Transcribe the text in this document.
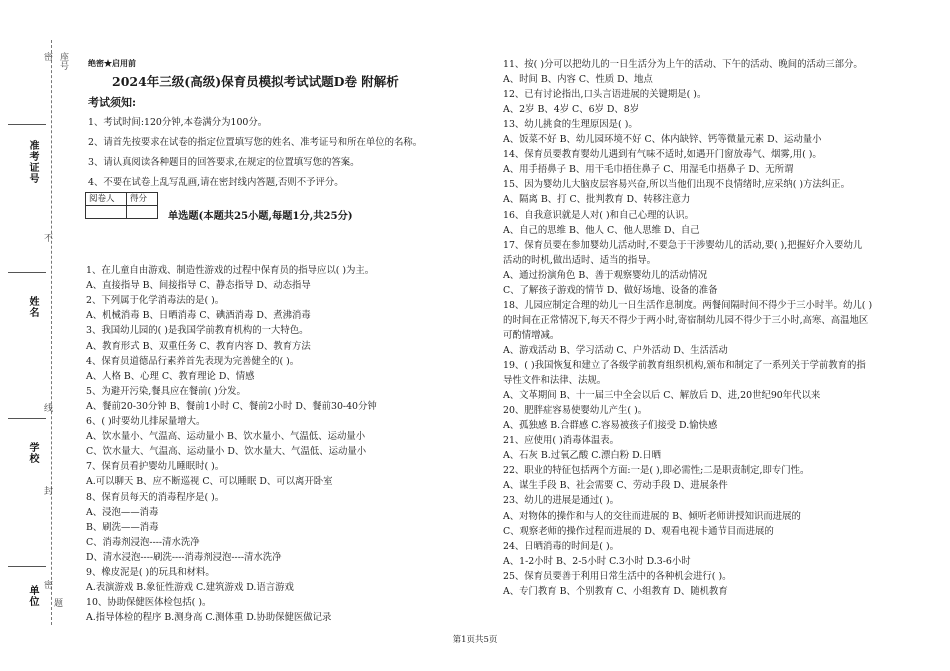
密
不
线
封
密
题
座号
准考证号
姓名
学校
单位
绝密★启用前
2024年三级(高级)保育员模拟考试试题D卷 附解析
考试须知:
1、考试时间:120分钟,本卷满分为100分。
2、请首先按要求在试卷的指定位置填写您的姓名、准考证号和所在单位的名称。
3、请认真阅读各种题目的回答要求,在规定的位置填写您的答案。
4、不要在试卷上乱写乱画,请在密封线内答题,否则不予评分。
阅卷人	得分

单选题(本题共25小题,每题1分,共25分)
1、在儿童自由游戏、制造性游戏的过程中保育员的指导应以( )为主。
A、直接指导 B、间接指导 C、静态指导 D、动态指导
2、下列属于化学消毒法的是( )。
A、机械消毒 B、日晒消毒 C、碘酒消毒 D、煮沸消毒
3、我国幼儿园的( )是我国学前教育机构的一大特色。
A、教育形式 B、双重任务 C、教育内容 D、教育方法
4、保育员道德品行素养首先表现为完善健全的( )。
A、人格 B、心理 C、教育理论 D、情感
5、为避开污染,餐具应在餐前( )分发。
A、餐前20-30分钟 B、餐前1小时 C、餐前2小时 D、餐前30-40分钟
6、( )时要幼儿排尿量增大。
A、饮水量小、气温高、运动量小 B、饮水量小、气温低、运动量小
C、饮水量大、气温高、运动量小 D、饮水量大、气温低、运动量小
7、保育员看护婴幼儿睡眠时( )。
A.可以聊天 B、应不断巡视 C、可以睡眠 D、可以离开卧室
8、保育员每天的消毒程序是( )。
A、浸泡——消毒
B、刷洗——消毒
C、消毒剂浸泡----清水洗净
D、清水浸泡----刷洗----消毒剂浸泡----清水洗净
9、橡皮泥是( )的玩具和材料。
A.表演游戏 B.象征性游戏 C.建筑游戏 D.语言游戏
10、协助保健医体检包括( )。
A.指导体检的程序 B.测身高 C.测体重 D.协助保健医做记录
11、按( )分可以把幼儿的一日生活分为上午的活动、下午的活动、晚间的活动三部分。
A、时间 B、内容 C、性质 D、地点
12、已有讨论指出,口头言语进展的关键期是( )。
A、2岁 B、4岁 C、6岁 D、8岁
13、幼儿挑食的生理原因是( )。
A、饭菜不好 B、幼儿园环境不好 C、体内缺锌、钙等微量元素 D、运动量小
14、保育员要教育婴幼儿遇到有气味不适时,如遇开门窗放毒气、烟雾,用( )。
A、用手捂鼻子 B、用干毛巾捂住鼻子 C、用湿毛巾捂鼻子 D、无所谓
15、因为婴幼儿大脑皮层容易兴奋,所以当他们出现不良情绪时,应采纳( )方法纠正。
A、隔离 B、打 C、批判教育 D、转移注意力
16、自我意识就是人对( )和自己心理的认识。
A、自己的思维 B、他人 C、他人思维 D、自己
17、保育员要在参加婴幼儿活动时,不要急于干涉婴幼儿的活动,要( ),把握好介入要幼儿
活动的时机,做出适时、适当的指导。
A、通过扮演角色 B、善于观察婴幼儿的活动情况
C、了解孩子游戏的情节 D、做好场地、设备的准备
18、儿园应制定合理的幼儿一日生活作息制度。两餐间隔时间不得少于三小时半。幼儿( )
的时间在正常情况下,每天不得少于两小时,寄宿制幼儿园不得少于三小时,高寒、高温地区
可酌情增减。
A、游戏活动 B、学习活动 C、户外活动 D、生活活动
19、( )我国恢复和建立了各级学前教育组织机构,颁布和制定了一系列关于学前教育的指
导性文件和法律、法规。
A、文革期间 B、十一届三中全会以后 C、解放后 D、进,20世纪90年代以来
20、肥胖症容易使婴幼儿产生( )。
A、孤独感 B.合群感 C.容易被孩子们接受 D.愉快感
21、应使用( )消毒体温表。
A、石灰 B.过氧乙酸 C.漂白粉 D.日晒
22、职业的特征包括两个方面:一是( ),即必需性;二是职责制定,即专门性。
A、谋生手段 B、社会需要 C、劳动手段 D、进展条件
23、幼儿的进展是通过( )。
A、对物体的操作和与人的交往而进展的 B、倾听老师讲授知识而进展的
C、观察老师的操作过程而进展的 D、观看电视卡通节目而进展的
24、日晒消毒的时间是( )。
A、1-2小时 B、2-5小时 C.3小时 D.3-6小时
25、保育员要善于利用日常生活中的各种机会进行( )。
A、专门教育 B、个别教育 C、小组教育 D、随机教育
第1页共5页
